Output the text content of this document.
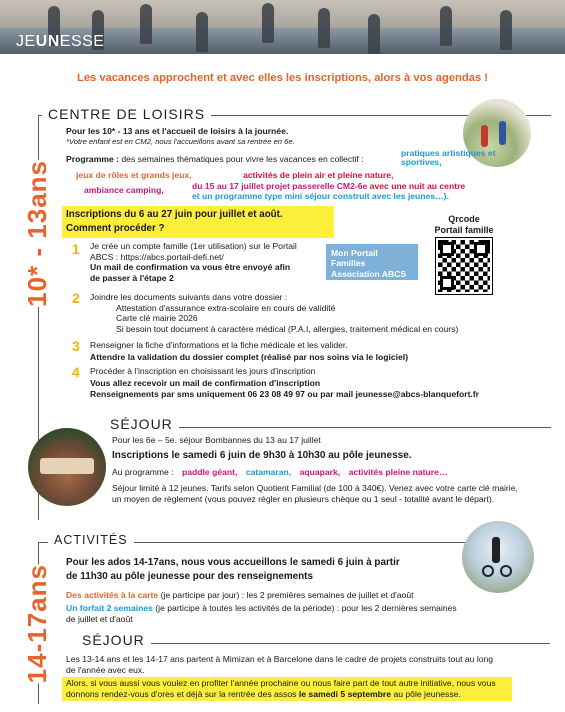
JEUNESSE
Les vacances approchent et avec elles les inscriptions, alors à vos agendas !
CENTRE DE LOISIRS
10* - 13ans
Pour les 10* - 13 ans et l'accueil de loisirs à la journée.
*Votre enfant est en CM2, nous l'accueillons avant sa rentrée en 6e.
Programme : des semaines thématiques pour vivre les vacances en collectif :
pratiques artistiques et sportives,
jeux de rôles et grands jeux,	activités de plein air et pleine nature,
ambiance camping,	du 15 au 17 juillet projet passerelle CM2-6e avec une nuit au centre
et un programme type mini séjour construit avec les jeunes…).
Inscriptions du 6 au 27 juin pour juillet et août.
Comment procéder ?
Qrcode
Portail famille
Mon Portail Familles
Association ABCS
1 Je crée un compte famille (1er utilisation) sur le Portail
ABCS : https://abcs.portail-defi.net/
Un mail de confirmation va vous être envoyé afin
de passer à l'étape 2
2 Joindre les documents suivants dans votre dossier :
Attestation d'assurance extra-scolaire en cours de validité
Carte clé mairie 2026
Si besoin tout document à caractère médical (P.A.I, allergies, traitement médical en cours)
3 Renseigner la fiche d'informations et la fiche médicale et les valider.
Attendre la validation du dossier complet (réalisé par nos soins via le logiciel)
4 Procéder à l'inscription en choisissant les jours d'inscription
Vous allez recevoir un mail de confirmation d'inscription
Renseignements par sms uniquement 06 23 08 49 97 ou par mail jeunesse@abcs-blanquefort.fr
SÉJOUR
Pour les 6e – 5e. séjour Bombannes du 13 au 17 juillet
Inscriptions le samedi 6 juin de 9h30 à 10h30 au pôle jeunesse.
Au programme : paddle géant, catamaran, aquapark, activités pleine nature…
Séjour limité à 12 jeunes. Tarifs selon Quotient Familial (de 100 à 340€). Venez avec votre carte clé mairie,
un moyen de règlement (vous pouvez régler en plusieurs chèque ou 1 seul - totalité avant le départ).
ACTIVITÉS
14-17ans
Pour les ados 14-17ans, nous vous accueillons le samedi 6 juin à partir
de 11h30 au pôle jeunesse pour des renseignements
Des activités à la carte (je participe par jour) : les 2 premières semaines de juillet et d'août
Un forfait 2 semaines (je participe à toutes les activités de la période) : pour les 2 dernières semaines
de juillet et d'août
SÉJOUR
Les 13-14 ans et les 14-17 ans partent à Mimizan et à Barcelone dans le cadre de projets construits tout au long
de l'année avec eux.
Alors, si vous aussi vous voulez en profiter l'année prochaine ou nous faire part de tout autre initiative, nous vous
donnons rendez-vous d'ores et déjà sur la rentrée des assos le samedi 5 septembre au pôle jeunesse.
